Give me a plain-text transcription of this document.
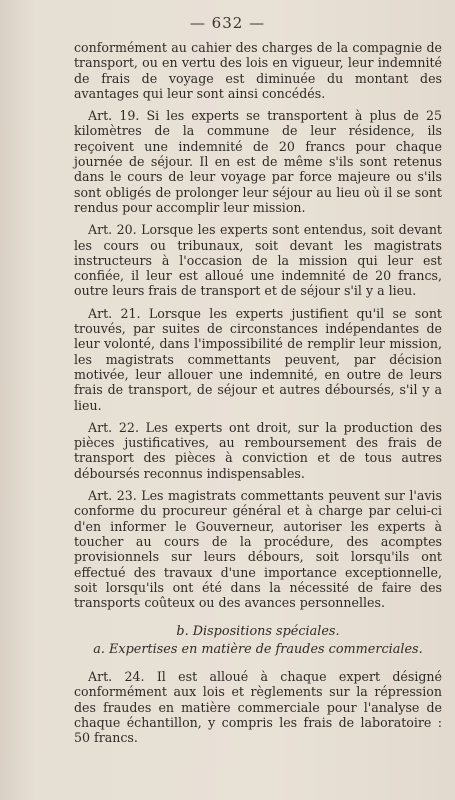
— 632 —

conformément au cahier des charges de la compagnie de transport, ou en vertu des lois en vigueur, leur indemnité de frais de voyage est diminuée du montant des avantages qui leur sont ainsi concédés.

Art. 19. Si les experts se transportent à plus de 25 kilomètres de la commune de leur résidence, ils reçoivent une indemnité de 20 francs pour chaque journée de séjour. Il en est de même s'ils sont retenus dans le cours de leur voyage par force majeure ou s'ils sont obligés de prolonger leur séjour au lieu où il se sont rendus pour accomplir leur mission.

Art. 20. Lorsque les experts sont entendus, soit devant les cours ou tribunaux, soit devant les magistrats instructeurs à l'occasion de la mission qui leur est confiée, il leur est alloué une indemnité de 20 francs, outre leurs frais de transport et de séjour s'il y a lieu.

Art. 21. Lorsque les experts justifient qu'il se sont trouvés, par suites de circonstances indépendantes de leur volonté, dans l'impossibilité de remplir leur mission, les magistrats commettants peuvent, par décision motivée, leur allouer une indemnité, en outre de leurs frais de transport, de séjour et autres déboursés, s'il y a lieu.

Art. 22. Les experts ont droit, sur la production des pièces justificatives, au remboursement des frais de transport des pièces à conviction et de tous autres déboursés reconnus indispensables.

Art. 23. Les magistrats commettants peuvent sur l'avis conforme du procureur général et à charge par celui-ci d'en informer le Gouverneur, autoriser les experts à toucher au cours de la procédure, des acomptes provisionnels sur leurs débours, soit lorsqu'ils ont effectué des travaux d'une importance exceptionnelle, soit lorsqu'ils ont été dans la nécessité de faire des transports coûteux ou des avances personnelles.

b. Dispositions spéciales.
a. Expertises en matière de fraudes commerciales.

Art. 24. Il est alloué à chaque expert désigné conformément aux lois et règlements sur la répression des fraudes en matière commerciale pour l'analyse de chaque échantillon, y compris les frais de laboratoire : 50 francs.
